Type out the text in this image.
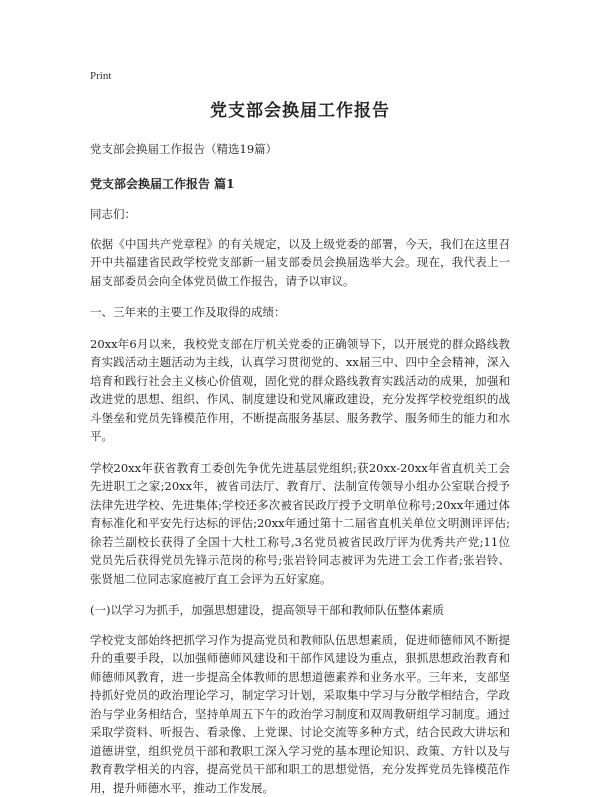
Print
党支部会换届工作报告
党支部会换届工作报告（精选19篇）
党支部会换届工作报告 篇1

同志们：

依据《中国共产党章程》的有关规定，以及上级党委的部署，今天，我们在这里召开中共福建省民政学校党支部新一届支部委员会换届选举大会。现在，我代表上一届支部委员会向全体党员做工作报告，请予以审议。

一、三年来的主要工作及取得的成绩：

20xx年6月以来，我校党支部在厅机关党委的正确领导下，以开展党的群众路线教育实践活动主题活动为主线，认真学习贯彻党的、xx届三中、四中全会精神，深入培育和践行社会主义核心价值观，固化党的群众路线教育实践活动的成果，加强和改进党的思想、组织、作风、制度建设和党风廉政建设，充分发挥学校党组织的战斗堡垒和党员先锋模范作用，不断提高服务基层、服务教学、服务师生的能力和水平。

学校20xx年获省教育工委创先争优先进基层党组织;获20xx-20xx年省直机关工会先进职工之家;20xx年，被省司法厅、教育厅、法制宣传领导小组办公室联合授予法律先进学校、先进集体;学校还多次被省民政厅授予文明单位称号;20xx年通过体育标准化和平安先行达标的评估;20xx年通过第十二届省直机关单位文明测评评估;徐若兰副校长获得了全国十大杜工称号,3名党员被省民政厅评为优秀共产党;11位党员先后获得党员先锋示范岗的称号;张岩铃同志被评为先进工会工作者;张岩铃、张贤旭二位同志家庭被厅直工会评为五好家庭。

(一)以学习为抓手，加强思想建设，提高领导干部和教师队伍整体素质

学校党支部始终把抓学习作为提高党员和教师队伍思想素质，促进师德师风不断提升的重要手段，以加强师德师风建设和干部作风建设为重点，狠抓思想政治教育和师德师风教育，进一步提高全体教师的思想道德素养和业务水平。三年来，支部坚持抓好党员的政治理论学习，制定学习计划，采取集中学习与分散学相结合，学政治与学业务相结合，坚持单周五下午的政治学习制度和双周教研组学习制度。通过采取学资料、听报告、看录像、上党课、讨论交流等多种方式，结合民政大讲坛和道德讲堂，组织党员干部和教职工深入学习党的基本理论知识、政策、方针以及与教育教学相关的内容，提高党员干部和职工的思想觉悟，充分发挥党员先锋模范作用，提升师德水平，推动工作发展。
